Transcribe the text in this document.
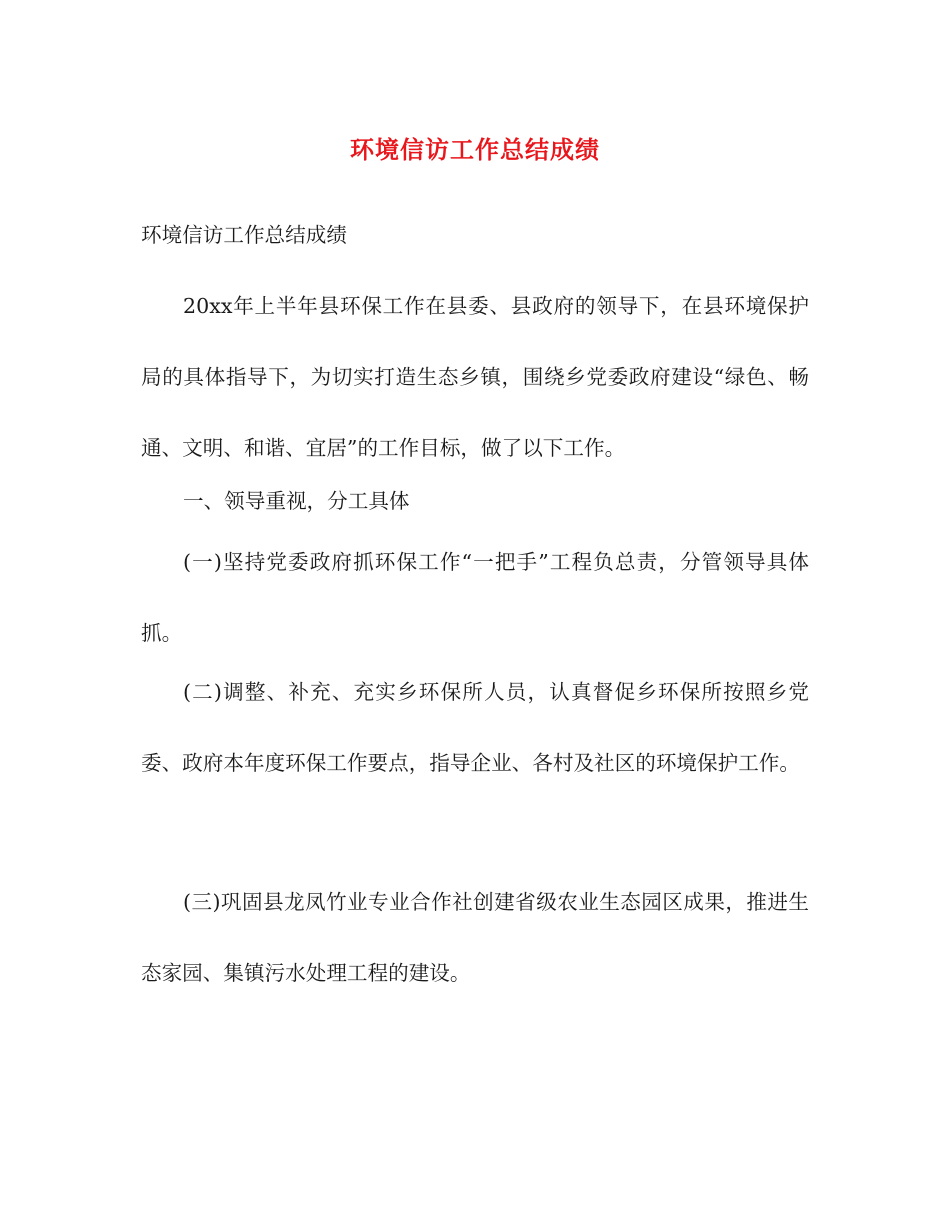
环境信访工作总结成绩

环境信访工作总结成绩

20xx年上半年县环保工作在县委、县政府的领导下，在县环境保护局的具体指导下，为切实打造生态乡镇，围绕乡党委政府建设“绿色、畅通、文明、和谐、宜居”的工作目标，做了以下工作。

一、领导重视，分工具体

(一)坚持党委政府抓环保工作“一把手”工程负总责，分管领导具体抓。

(二)调整、补充、充实乡环保所人员，认真督促乡环保所按照乡党委、政府本年度环保工作要点，指导企业、各村及社区的环境保护工作。

(三)巩固县龙凤竹业专业合作社创建省级农业生态园区成果，推进生态家园、集镇污水处理工程的建设。
